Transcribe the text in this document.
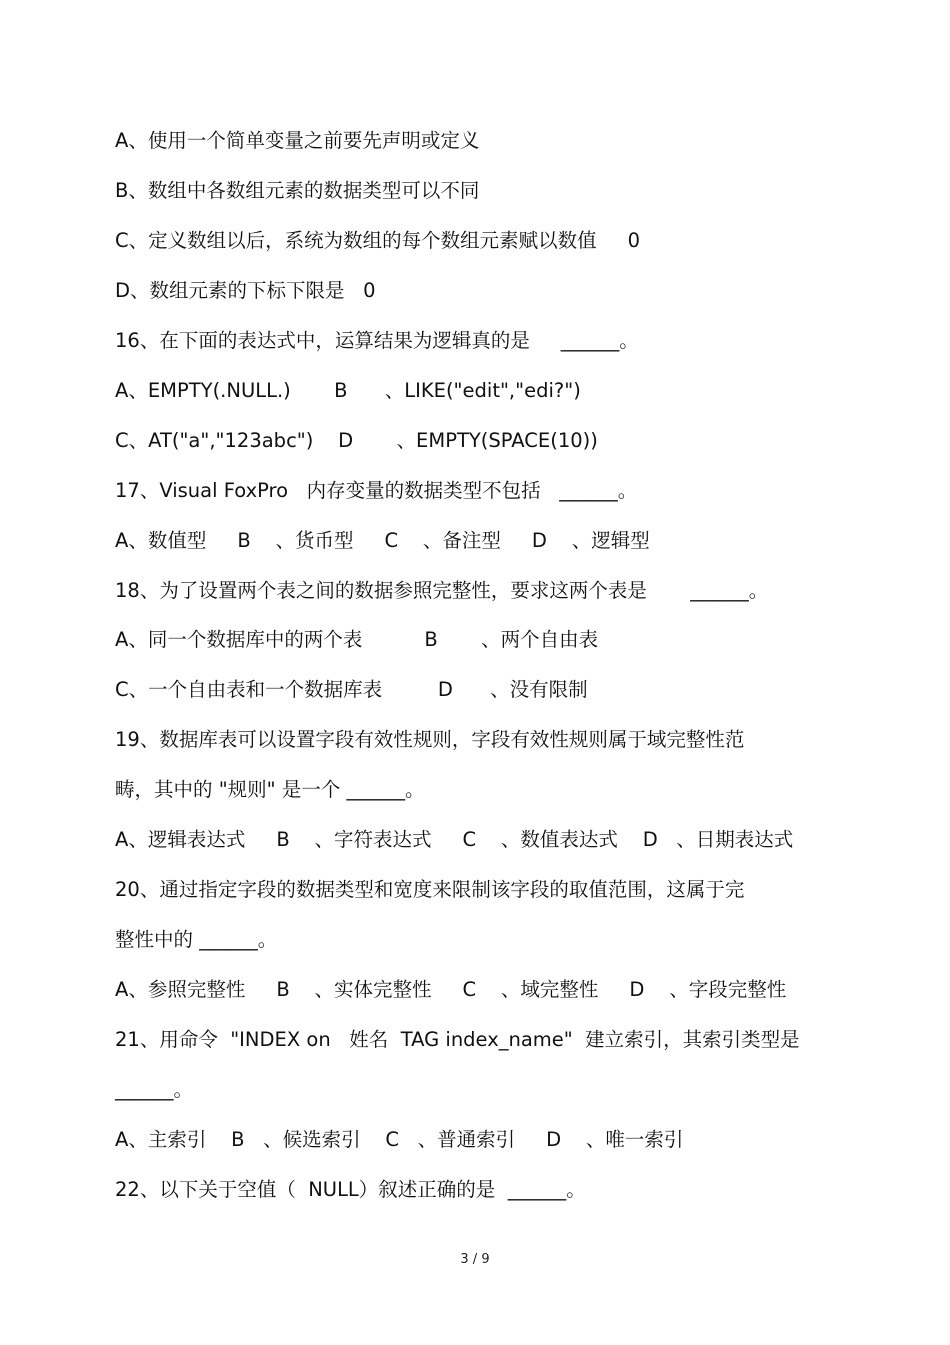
A、使用一个简单变量之前要先声明或定义
B、数组中各数组元素的数据类型可以不同
C、定义数组以后，系统为数组的每个数组元素赋以数值     0
D、数组元素的下标下限是   0
16、在下面的表达式中，运算结果为逻辑真的是     ______。
A、EMPTY(.NULL.)       B      、LIKE("edit","edi?")
C、AT("a","123abc")    D       、EMPTY(SPACE(10))
17、Visual FoxPro   内存变量的数据类型不包括   ______。
A、数值型     B    、货币型     C    、备注型     D    、逻辑型
18、为了设置两个表之间的数据参照完整性，要求这两个表是       ______。
A、同一个数据库中的两个表          B       、两个自由表
C、一个自由表和一个数据库表         D      、没有限制
19、数据库表可以设置字段有效性规则，字段有效性规则属于域完整性范
畴，其中的 "规则" 是一个 ______。
A、逻辑表达式     B    、字符表达式     C    、数值表达式    D   、日期表达式
20、通过指定字段的数据类型和宽度来限制该字段的取值范围，这属于完
整性中的 ______。
A、参照完整性     B    、实体完整性     C    、域完整性     D    、字段完整性
21、用命令  "INDEX on   姓名  TAG index_name"  建立索引，其索引类型是
______。
A、主索引    B   、候选索引    C   、普通索引     D    、唯一索引
22、以下关于空值（  NULL）叙述正确的是  ______。
3 / 9
